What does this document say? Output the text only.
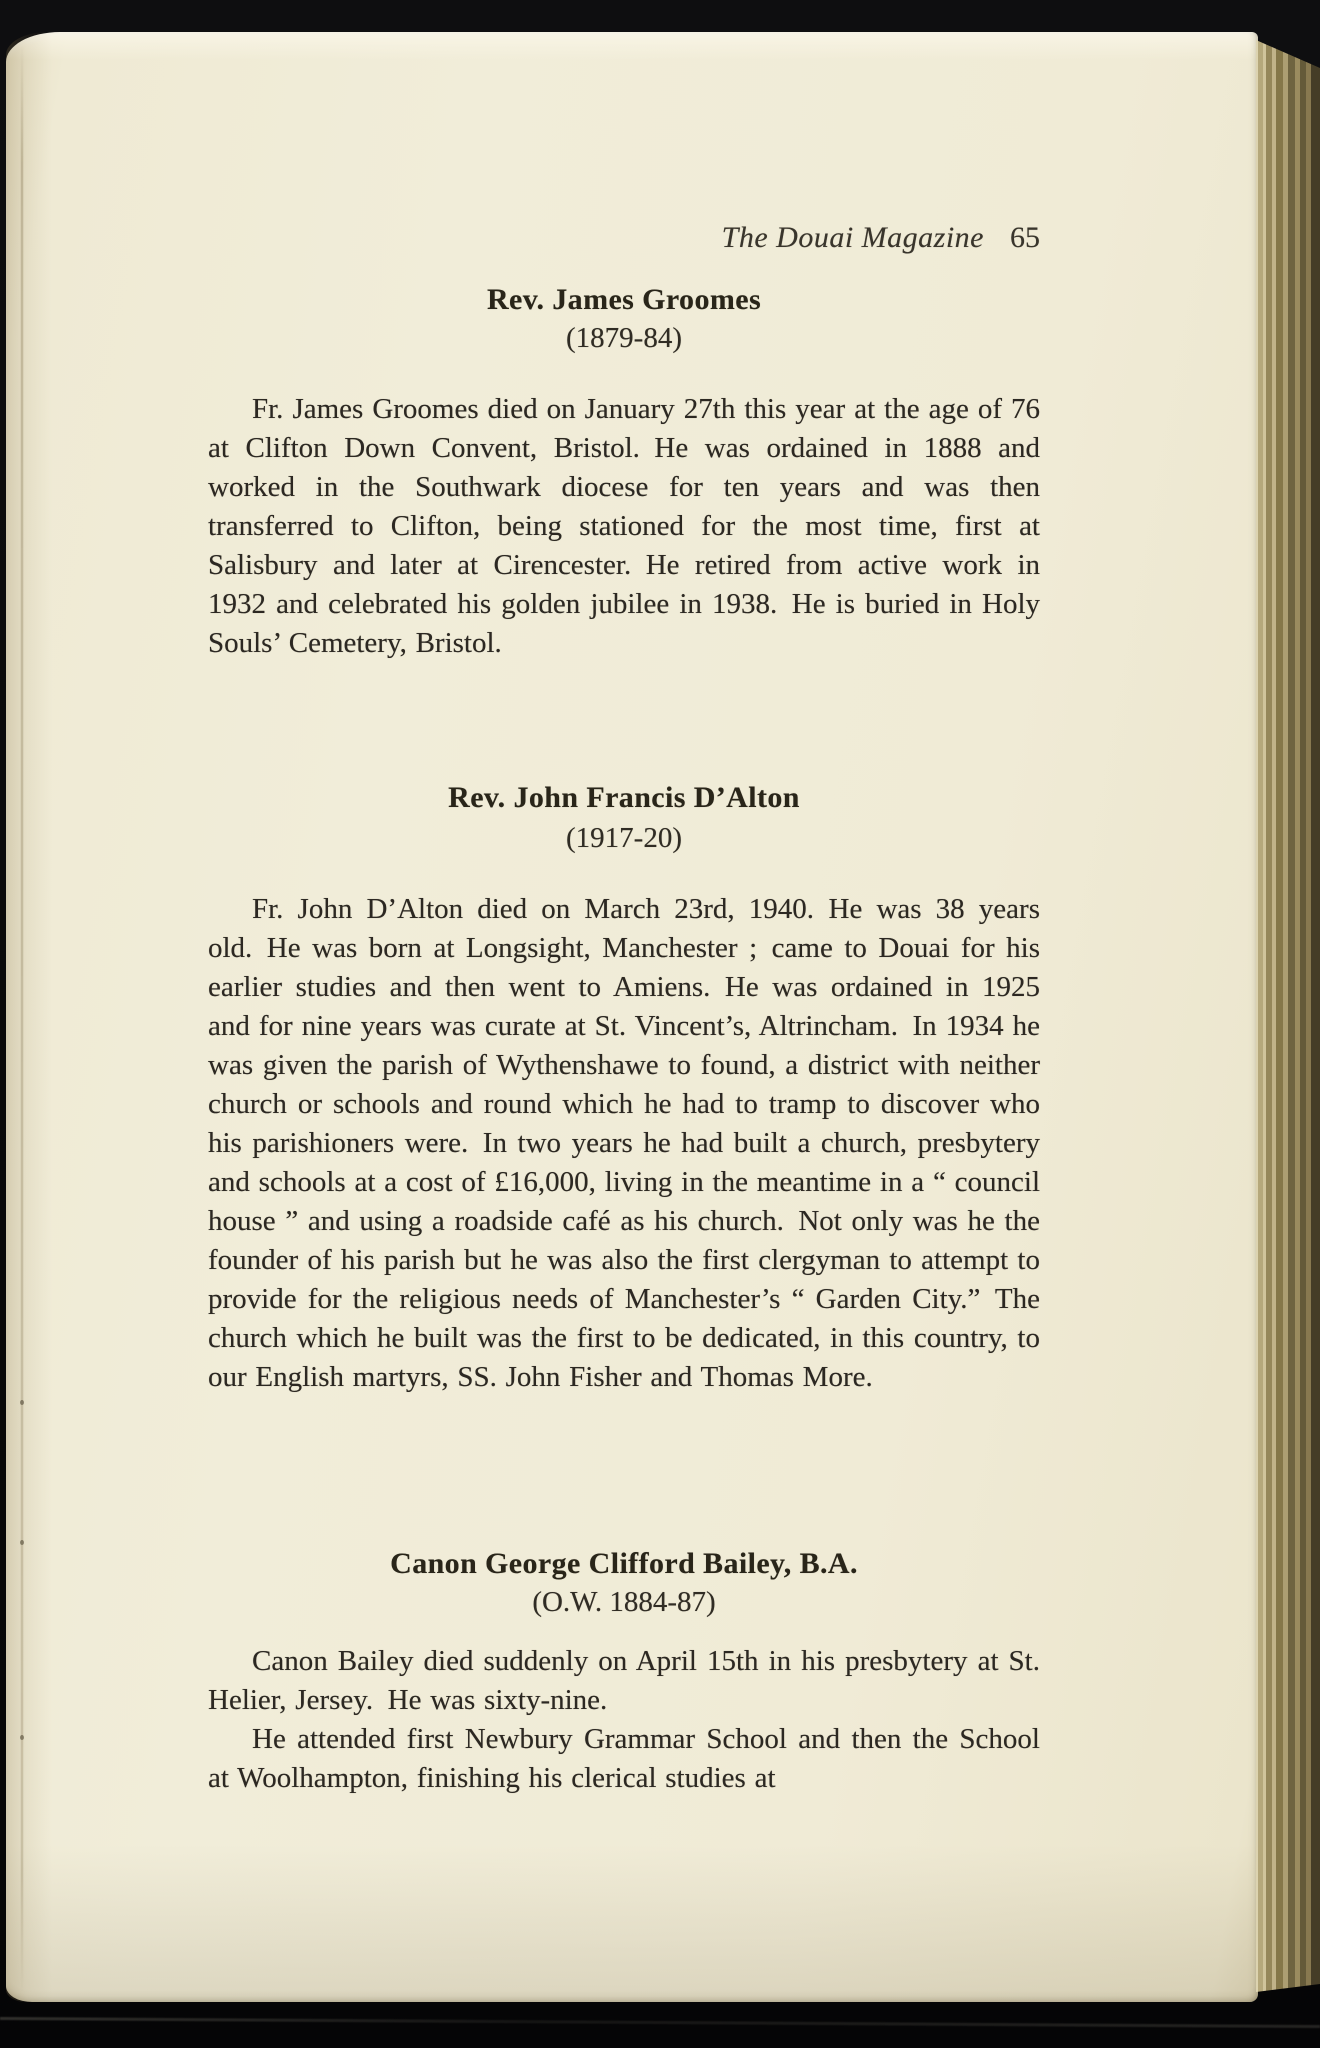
The Douai Magazine 65
Rev. James Groomes
(1879-84)

Fr. James Groomes died on January 27th this year at the age of 76 at Clifton Down Convent, Bristol. He was ordained in 1888 and worked in the Southwark diocese for ten years and was then transferred to Clifton, being stationed for the most time, first at Salisbury and later at Cirencester. He retired from active work in 1932 and celebrated his golden jubilee in 1938. He is buried in Holy Souls’ Cemetery, Bristol.

Rev. John Francis D’Alton
(1917-20)

Fr. John D’Alton died on March 23rd, 1940. He was 38 years old. He was born at Longsight, Manchester ; came to Douai for his earlier studies and then went to Amiens. He was ordained in 1925 and for nine years was curate at St. Vincent’s, Altrincham. In 1934 he was given the parish of Wythenshawe to found, a district with neither church or schools and round which he had to tramp to discover who his parishioners were. In two years he had built a church, presbytery and schools at a cost of £16,000, living in the meantime in a “ council house ” and using a roadside café as his church. Not only was he the founder of his parish but he was also the first clergyman to attempt to provide for the religious needs of Manchester’s “ Garden City.” The church which he built was the first to be dedicated, in this country, to our English martyrs, SS. John Fisher and Thomas More.

Canon George Clifford Bailey, B.A.
(O.W. 1884-87)

Canon Bailey died suddenly on April 15th in his presbytery at St. Helier, Jersey. He was sixty-nine.

He attended first Newbury Grammar School and then the School at Woolhampton, finishing his clerical studies at
